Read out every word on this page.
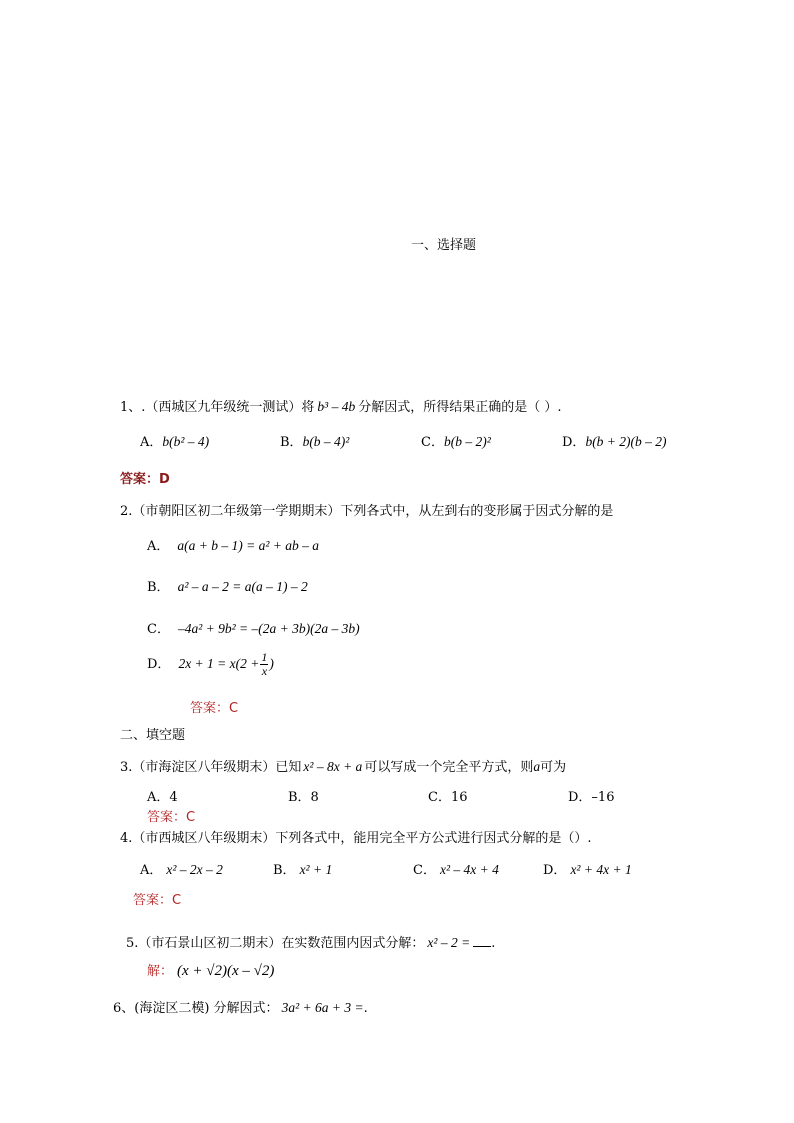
一、选择题
1、.（西城区九年级统一测试）将 b³ – 4b 分解因式，所得结果正确的是（ ）.
A．b(b² – 4)	B．b(b – 4)²	C．b(b – 2)²	D．b(b + 2)(b – 2)
答案：D
2.（市朝阳区初二年级第一学期期末）下列各式中，从左到右的变形属于因式分解的是
A． a(a + b – 1) = a² + ab – a
B． a² – a – 2 = a(a – 1) – 2
C． –4a² + 9b² = –(2a + 3b)(2a – 3b)
D． $2x + 1 = x(2 + \frac{1}{x}$ )
答案：C
二、填空题
3.（市海淀区八年级期末）已知 x² – 8x + a 可以写成一个完全平方式，则a可为
A．4	B．8	C．16	D．–16
答案：C
4.（市西城区八年级期末）下列各式中，能用完全平方公式进行因式分解的是（）.
A． x² – 2x – 2	B． x² + 1	C． x² – 4x + 4	D． x² + 4x + 1
答案：C
5.（市石景山区初二期末）在实数范围内因式分解： x² – 2 = .
解： (x + √2)(x – √2)
6、(海淀区二模) 分解因式： 3a² + 6a + 3 =.
